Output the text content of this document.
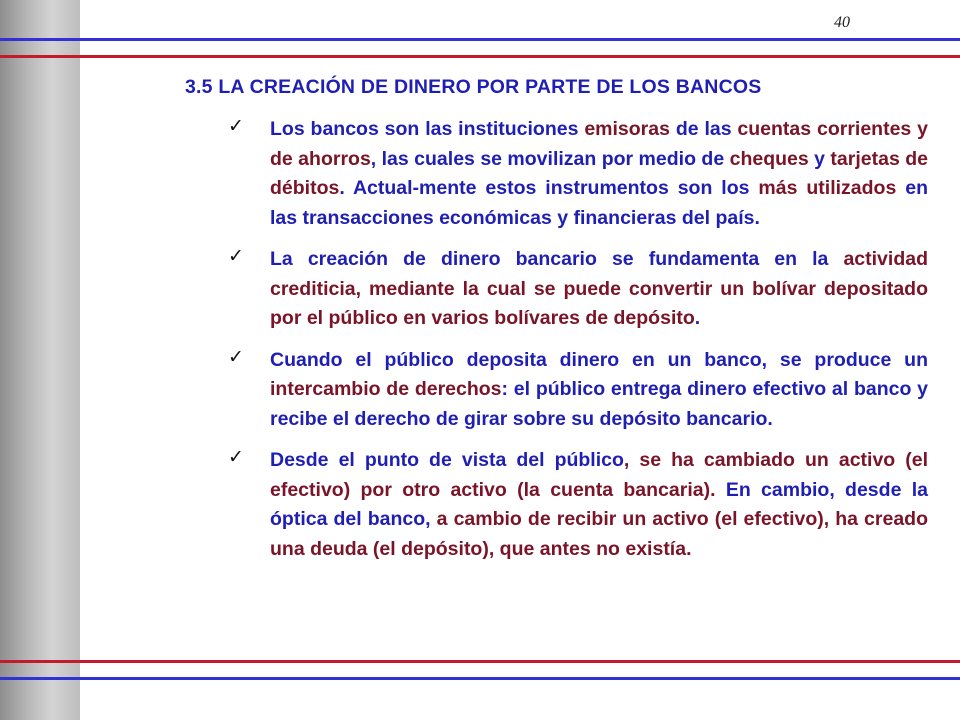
40
3.5 LA CREACIÓN DE DINERO POR PARTE DE LOS BANCOS
✓ Los bancos son las instituciones emisoras de las cuentas corrientes y de ahorros, las cuales se movilizan por medio de cheques y tarjetas de débitos. Actual-mente estos instrumentos son los más utilizados en las transacciones económicas y financieras del país.
✓ La creación de dinero bancario se fundamenta en la actividad crediticia, mediante la cual se puede convertir un bolívar depositado por el público en varios bolívares de depósito.
✓ Cuando el público deposita dinero en un banco, se produce un intercambio de derechos: el público entrega dinero efectivo al banco y recibe el derecho de girar sobre su depósito bancario.
✓ Desde el punto de vista del público, se ha cambiado un activo (el efectivo) por otro activo (la cuenta bancaria). En cambio, desde la óptica del banco, a cambio de recibir un activo (el efectivo), ha creado una deuda (el depósito), que antes no existía.
